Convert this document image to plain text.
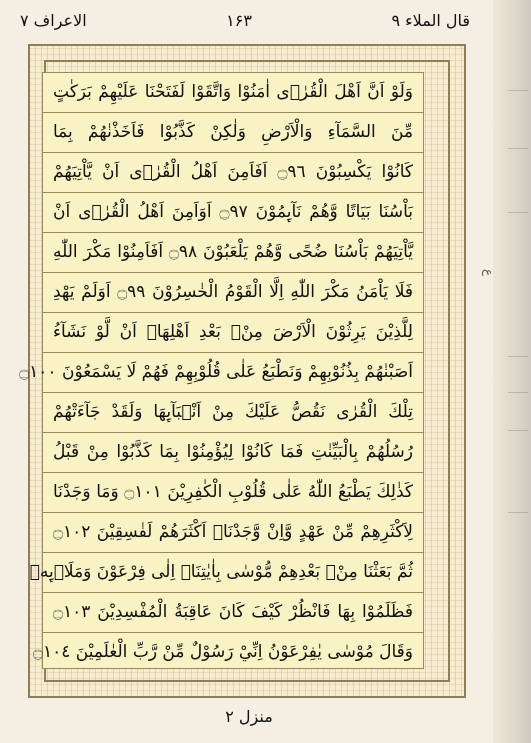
قال الملاء ۹
۱۶۳
الاعراف ۷
وَلَوْ اَنَّ اَهْلَ الْقُرٰۤى اٰمَنُوْا وَاتَّقَوْا لَفَتَحْنَا عَلَيْهِمْ بَرَكٰتٍ
مِّنَ السَّمَآءِ وَالْاَرْضِ وَلٰكِنْ كَذَّبُوْا فَاَخَذْنٰهُمْ بِمَا
كَانُوْا يَكْسِبُوْنَ ۝٩٦ اَفَاَمِنَ اَهْلُ الْقُرٰۤى اَنْ يَّاْتِيَهُمْ
بَاْسُنَا بَيَاتًا وَّهُمْ نَآىِٕمُوْنَ ۝٩٧ اَوَاَمِنَ اَهْلُ الْقُرٰۤى اَنْ
يَّاْتِيَهُمْ بَاْسُنَا ضُحًى وَّهُمْ يَلْعَبُوْنَ ۝٩٨ اَفَاَمِنُوْا مَكْرَ اللّٰهِ
فَلَا يَاْمَنُ مَكْرَ اللّٰهِ اِلَّا الْقَوْمُ الْخٰسِرُوْنَ ۝٩٩ اَوَلَمْ يَهْدِ
لِلَّذِيْنَ يَرِثُوْنَ الْاَرْضَ مِنْۢ بَعْدِ اَهْلِهَاۤ اَنْ لَّوْ نَشَآءُ
اَصَبْنٰهُمْ بِذُنُوْبِهِمْ وَنَطْبَعُ عَلٰى قُلُوْبِهِمْ فَهُمْ لَا يَسْمَعُوْنَ ۝١٠٠
تِلْكَ الْقُرٰى نَقُصُّ عَلَيْكَ مِنْ اَنْۢبَآىِٕهَا وَلَقَدْ جَآءَتْهُمْ
رُسُلُهُمْ بِالْبَيِّنٰتِ فَمَا كَانُوْا لِيُؤْمِنُوْا بِمَا كَذَّبُوْا مِنْ قَبْلُ
كَذٰلِكَ يَطْبَعُ اللّٰهُ عَلٰى قُلُوْبِ الْكٰفِرِيْنَ ۝١٠١ وَمَا وَجَدْنَا
لِاَكْثَرِهِمْ مِّنْ عَهْدٍ وَّاِنْ وَّجَدْنَاۤ اَكْثَرَهُمْ لَفٰسِقِيْنَ ۝١٠٢
ثُمَّ بَعَثْنَا مِنْۢ بَعْدِهِمْ مُّوْسٰى بِاٰيٰتِنَاۤ اِلٰى فِرْعَوْنَ وَمَلَا۟ىِٕهٖ
فَظَلَمُوْا بِهَا فَانْظُرْ كَيْفَ كَانَ عَاقِبَةُ الْمُفْسِدِيْنَ ۝١٠٣
وَقَالَ مُوْسٰى يٰفِرْعَوْنُ اِنِّيْ رَسُوْلٌ مِّنْ رَّبِّ الْعٰلَمِيْنَ ۝١٠٤
ع
منزل ۲
